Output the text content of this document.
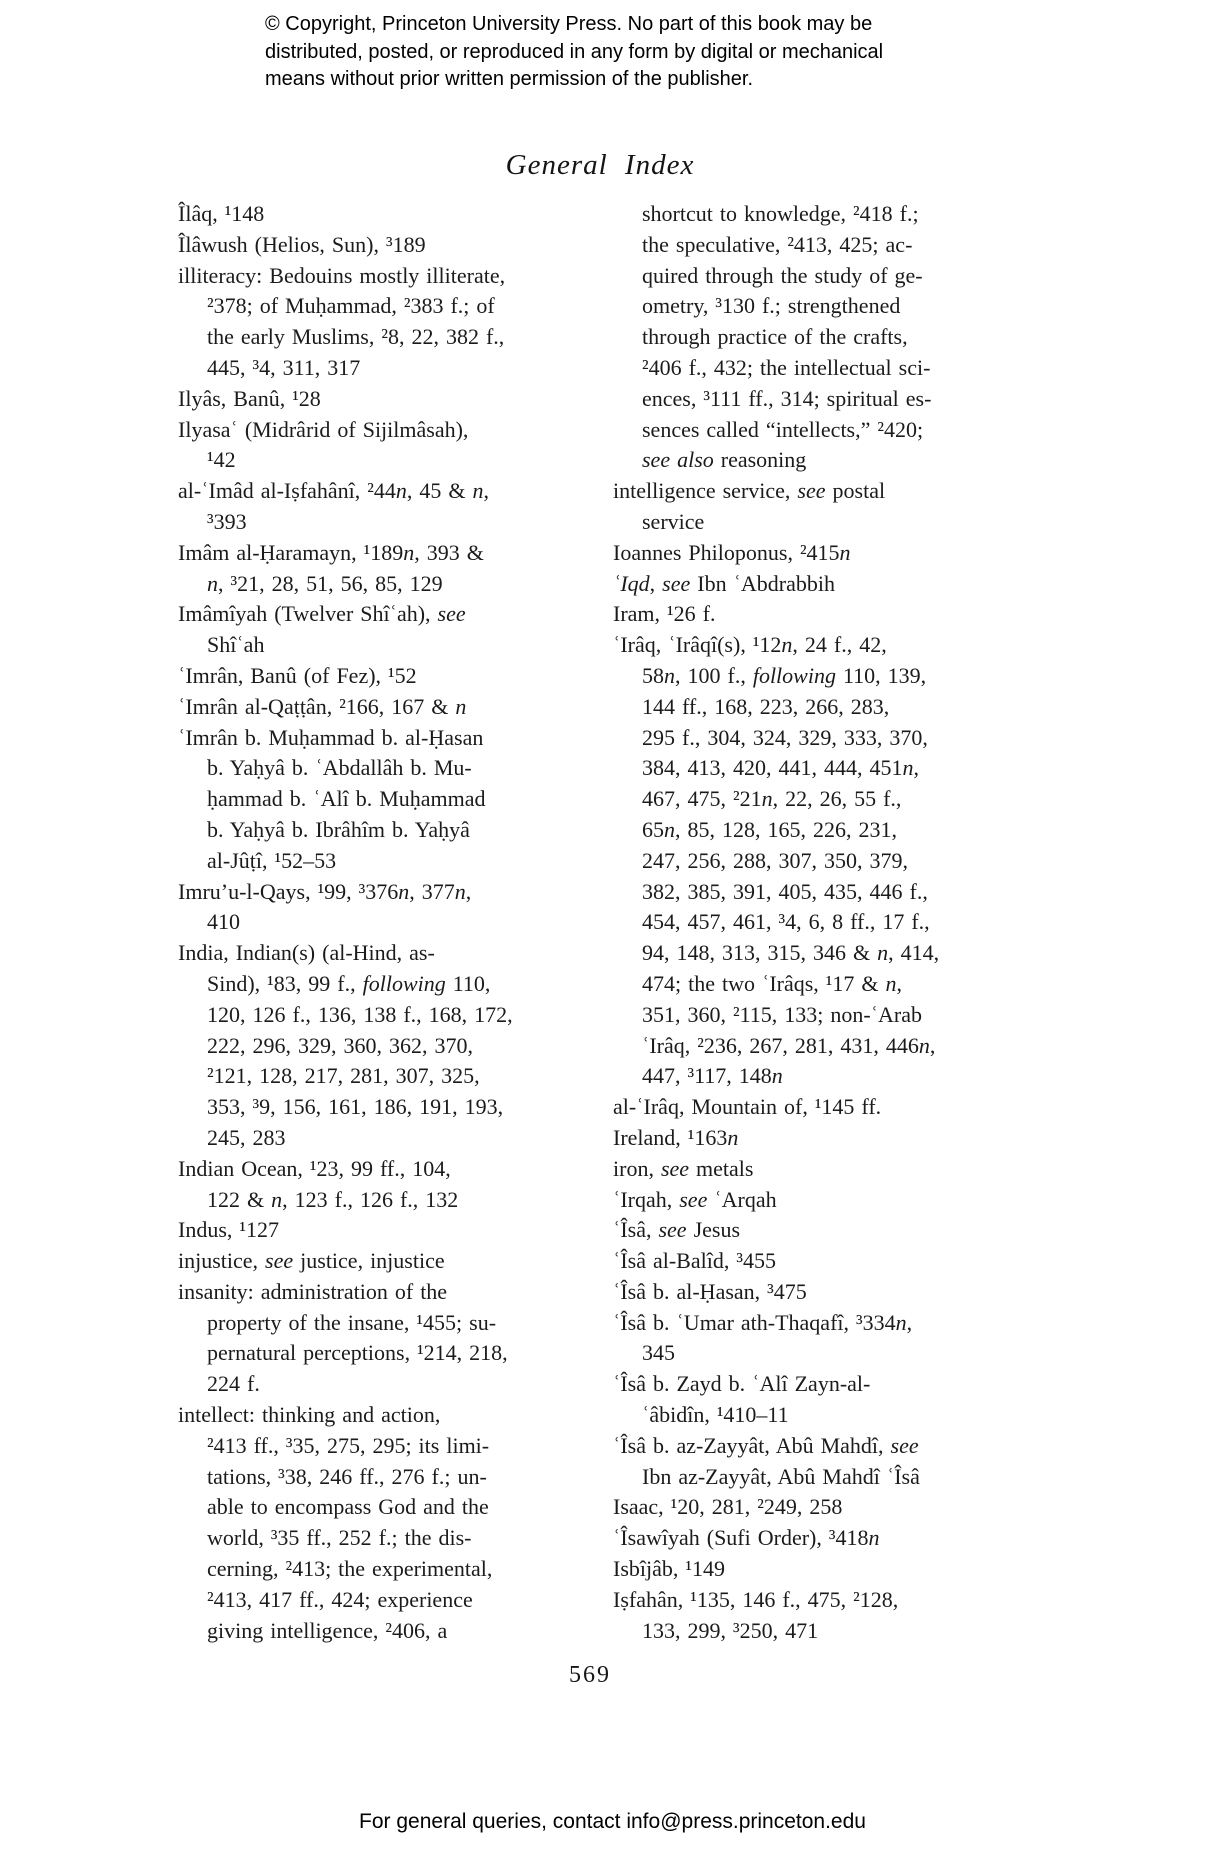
© Copyright, Princeton University Press. No part of this book may be
distributed, posted, or reproduced in any form by digital or mechanical
means without prior written permission of the publisher.
General Index
Îlâq, ¹148
Îlâwush (Helios, Sun), ³189
illiteracy: Bedouins mostly illiterate,
²378; of Muḥammad, ²383 f.; of
the early Muslims, ²8, 22, 382 f.,
445, ³4, 311, 317
Ilyâs, Banû, ¹28
Ilyasaʿ (Midrârid of Sijilmâsah),
¹42
al-ʿImâd al-Iṣfahânî, ²44n, 45 & n,
³393
Imâm al-Ḥaramayn, ¹189n, 393 &
n, ³21, 28, 51, 56, 85, 129
Imâmîyah (Twelver Shîʿah), see
Shîʿah
ʿImrân, Banû (of Fez), ¹52
ʿImrân al-Qaṭṭân, ²166, 167 & n
ʿImrân b. Muḥammad b. al-Ḥasan
b. Yaḥyâ b. ʿAbdallâh b. Mu-
ḥammad b. ʿAlî b. Muḥammad
b. Yaḥyâ b. Ibrâhîm b. Yaḥyâ
al-Jûṭî, ¹52–53
Imru’u-l-Qays, ¹99, ³376n, 377n,
410
India, Indian(s) (al-Hind, as-
Sind), ¹83, 99 f., following 110,
120, 126 f., 136, 138 f., 168, 172,
222, 296, 329, 360, 362, 370,
²121, 128, 217, 281, 307, 325,
353, ³9, 156, 161, 186, 191, 193,
245, 283
Indian Ocean, ¹23, 99 ff., 104,
122 & n, 123 f., 126 f., 132
Indus, ¹127
injustice, see justice, injustice
insanity: administration of the
property of the insane, ¹455; su-
pernatural perceptions, ¹214, 218,
224 f.
intellect: thinking and action,
²413 ff., ³35, 275, 295; its limi-
tations, ³38, 246 ff., 276 f.; un-
able to encompass God and the
world, ³35 ff., 252 f.; the dis-
cerning, ²413; the experimental,
²413, 417 ff., 424; experience
giving intelligence, ²406, a
shortcut to knowledge, ²418 f.;
the speculative, ²413, 425; ac-
quired through the study of ge-
ometry, ³130 f.; strengthened
through practice of the crafts,
²406 f., 432; the intellectual sci-
ences, ³111 ff., 314; spiritual es-
sences called “intellects,” ²420;
see also reasoning
intelligence service, see postal
service
Ioannes Philoponus, ²415n
ʿIqd, see Ibn ʿAbdrabbih
Iram, ¹26 f.
ʿIrâq, ʿIrâqî(s), ¹12n, 24 f., 42,
58n, 100 f., following 110, 139,
144 ff., 168, 223, 266, 283,
295 f., 304, 324, 329, 333, 370,
384, 413, 420, 441, 444, 451n,
467, 475, ²21n, 22, 26, 55 f.,
65n, 85, 128, 165, 226, 231,
247, 256, 288, 307, 350, 379,
382, 385, 391, 405, 435, 446 f.,
454, 457, 461, ³4, 6, 8 ff., 17 f.,
94, 148, 313, 315, 346 & n, 414,
474; the two ʿIrâqs, ¹17 & n,
351, 360, ²115, 133; non-ʿArab
ʿIrâq, ²236, 267, 281, 431, 446n,
447, ³117, 148n
al-ʿIrâq, Mountain of, ¹145 ff.
Ireland, ¹163n
iron, see metals
ʿIrqah, see ʿArqah
ʿÎsâ, see Jesus
ʿÎsâ al-Balîd, ³455
ʿÎsâ b. al-Ḥasan, ³475
ʿÎsâ b. ʿUmar ath-Thaqafî, ³334n,
345
ʿÎsâ b. Zayd b. ʿAlî Zayn-al-
ʿâbidîn, ¹410–11
ʿÎsâ b. az-Zayyât, Abû Mahdî, see
Ibn az-Zayyât, Abû Mahdî ʿÎsâ
Isaac, ¹20, 281, ²249, 258
ʿÎsawîyah (Sufi Order), ³418n
Isbîjâb, ¹149
Iṣfahân, ¹135, 146 f., 475, ²128,
133, 299, ³250, 471
569
For general queries, contact info@press.princeton.edu
